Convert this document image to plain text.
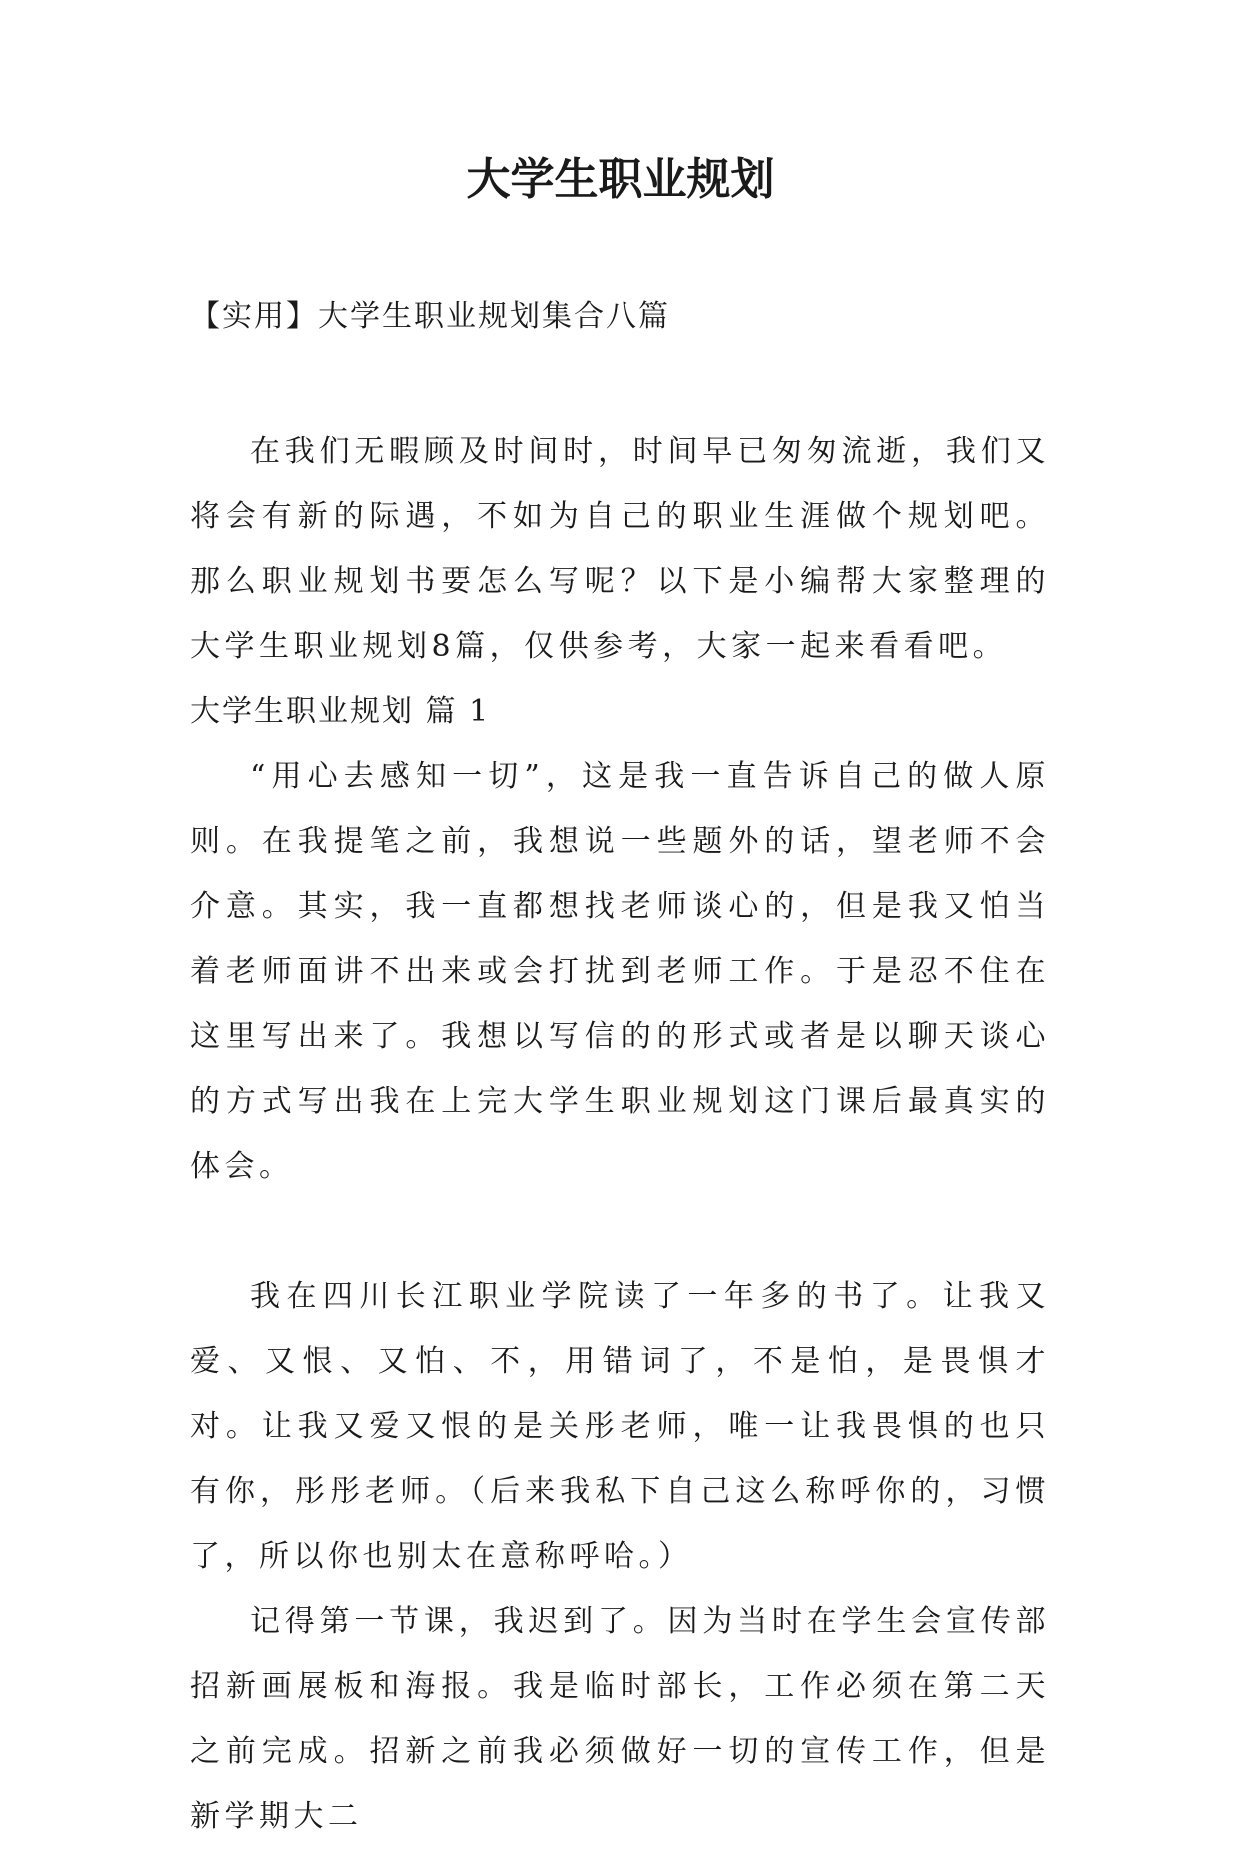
大学生职业规划

【实用】大学生职业规划集合八篇

在我们无暇顾及时间时，时间早已匆匆流逝，我们又将会有新的际遇，不如为自己的职业生涯做个规划吧。那么职业规划书要怎么写呢？以下是小编帮大家整理的大学生职业规划8篇，仅供参考，大家一起来看看吧。

大学生职业规划 篇 1

“用心去感知一切”，这是我一直告诉自己的做人原则。在我提笔之前，我想说一些题外的话，望老师不会介意。其实，我一直都想找老师谈心的，但是我又怕当着老师面讲不出来或会打扰到老师工作。于是忍不住在这里写出来了。我想以写信的的形式或者是以聊天谈心的方式写出我在上完大学生职业规划这门课后最真实的体会。

我在四川长江职业学院读了一年多的书了。让我又爱、又恨、又怕、不，用错词了，不是怕，是畏惧才对。让我又爱又恨的是关彤老师，唯一让我畏惧的也只有你，彤彤老师。（后来我私下自己这么称呼你的，习惯了，所以你也别太在意称呼哈。）

记得第一节课，我迟到了。因为当时在学生会宣传部招新画展板和海报。我是临时部长，工作必须在第二天之前完成。招新之前我必须做好一切的宣传工作，但是新学期大二
